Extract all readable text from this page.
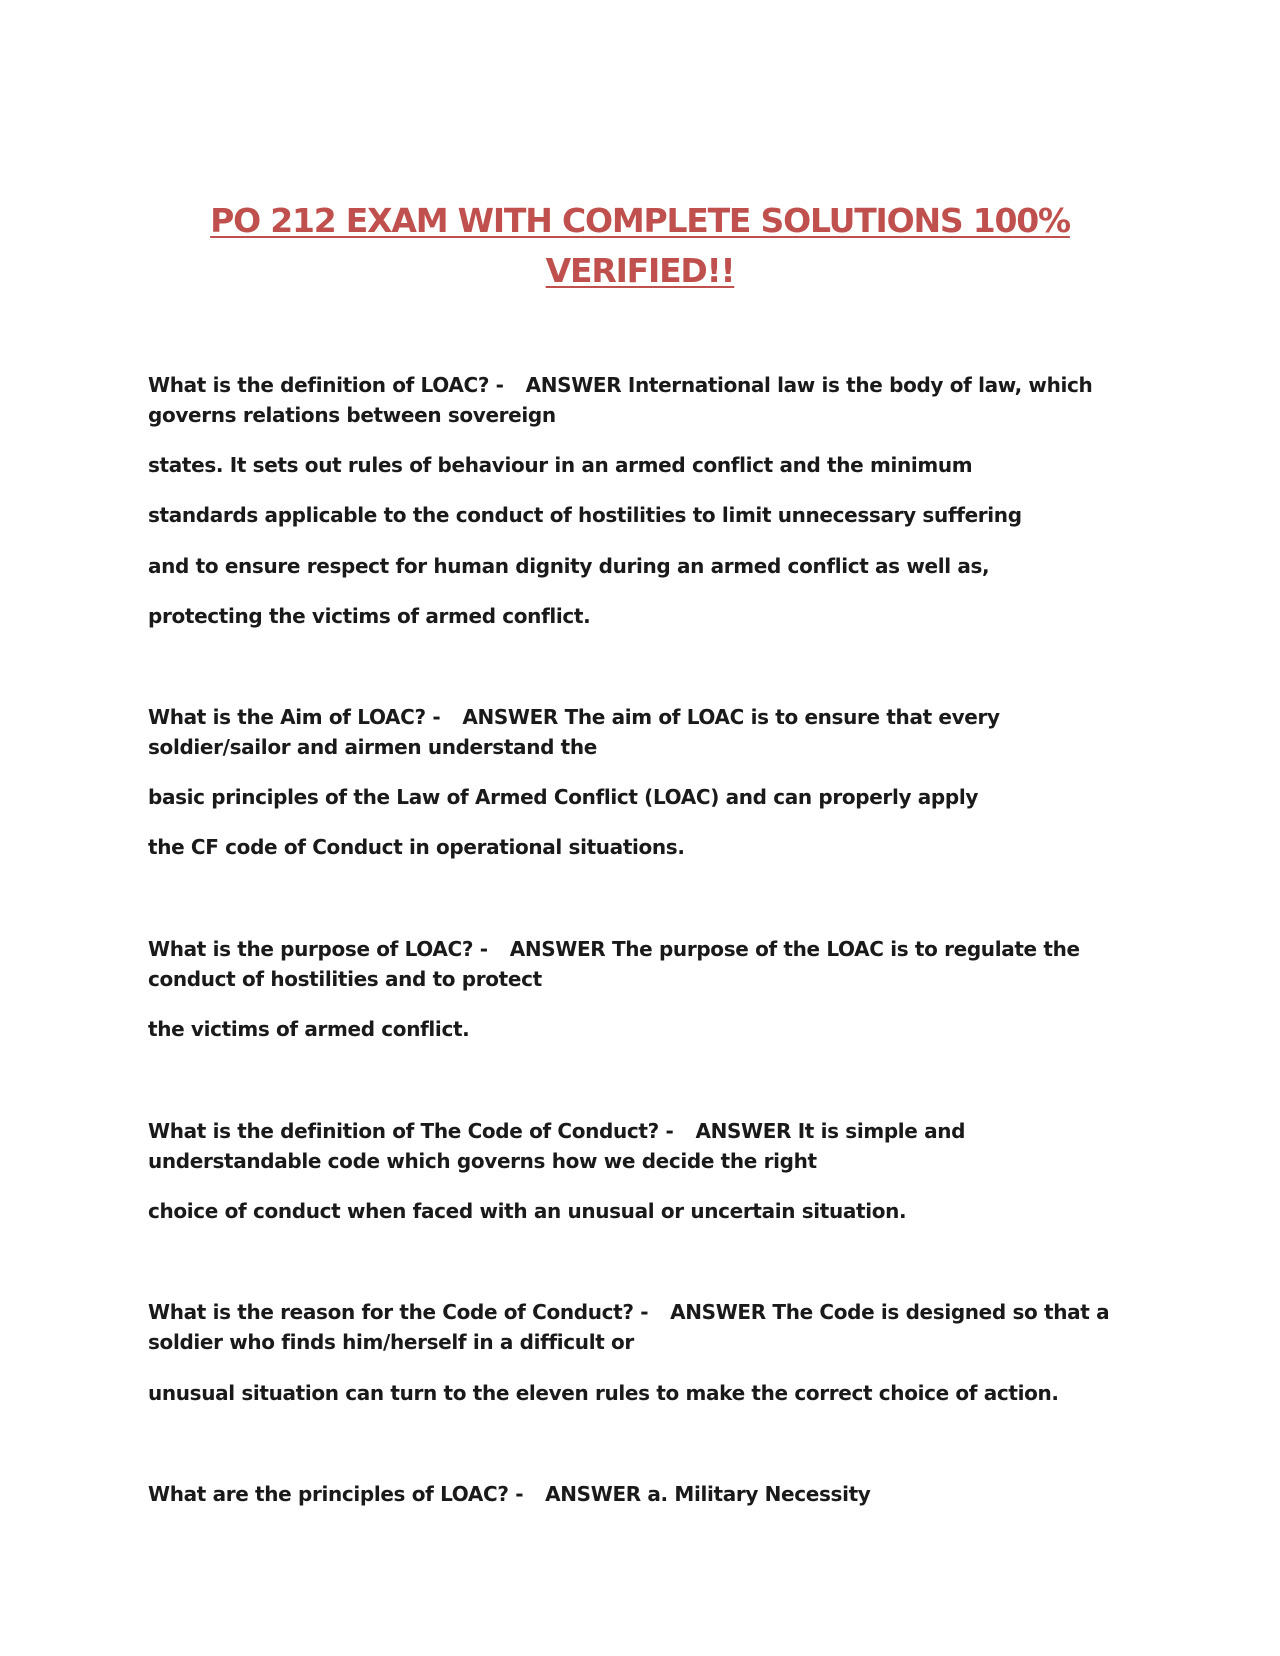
PO 212 EXAM WITH COMPLETE SOLUTIONS 100%
VERIFIED!!
What is the definition of LOAC? - ANSWER International law is the body of law, which
governs relations between sovereign
states. It sets out rules of behaviour in an armed conflict and the minimum
standards applicable to the conduct of hostilities to limit unnecessary suffering
and to ensure respect for human dignity during an armed conflict as well as,
protecting the victims of armed conflict.
What is the Aim of LOAC? - ANSWER The aim of LOAC is to ensure that every
soldier/sailor and airmen understand the
basic principles of the Law of Armed Conflict (LOAC) and can properly apply
the CF code of Conduct in operational situations.
What is the purpose of LOAC? - ANSWER The purpose of the LOAC is to regulate the
conduct of hostilities and to protect
the victims of armed conflict.
What is the definition of The Code of Conduct? - ANSWER It is simple and
understandable code which governs how we decide the right
choice of conduct when faced with an unusual or uncertain situation.
What is the reason for the Code of Conduct? - ANSWER The Code is designed so that a
soldier who finds him/herself in a difficult or
unusual situation can turn to the eleven rules to make the correct choice of action.
What are the principles of LOAC? - ANSWER a. Military Necessity
